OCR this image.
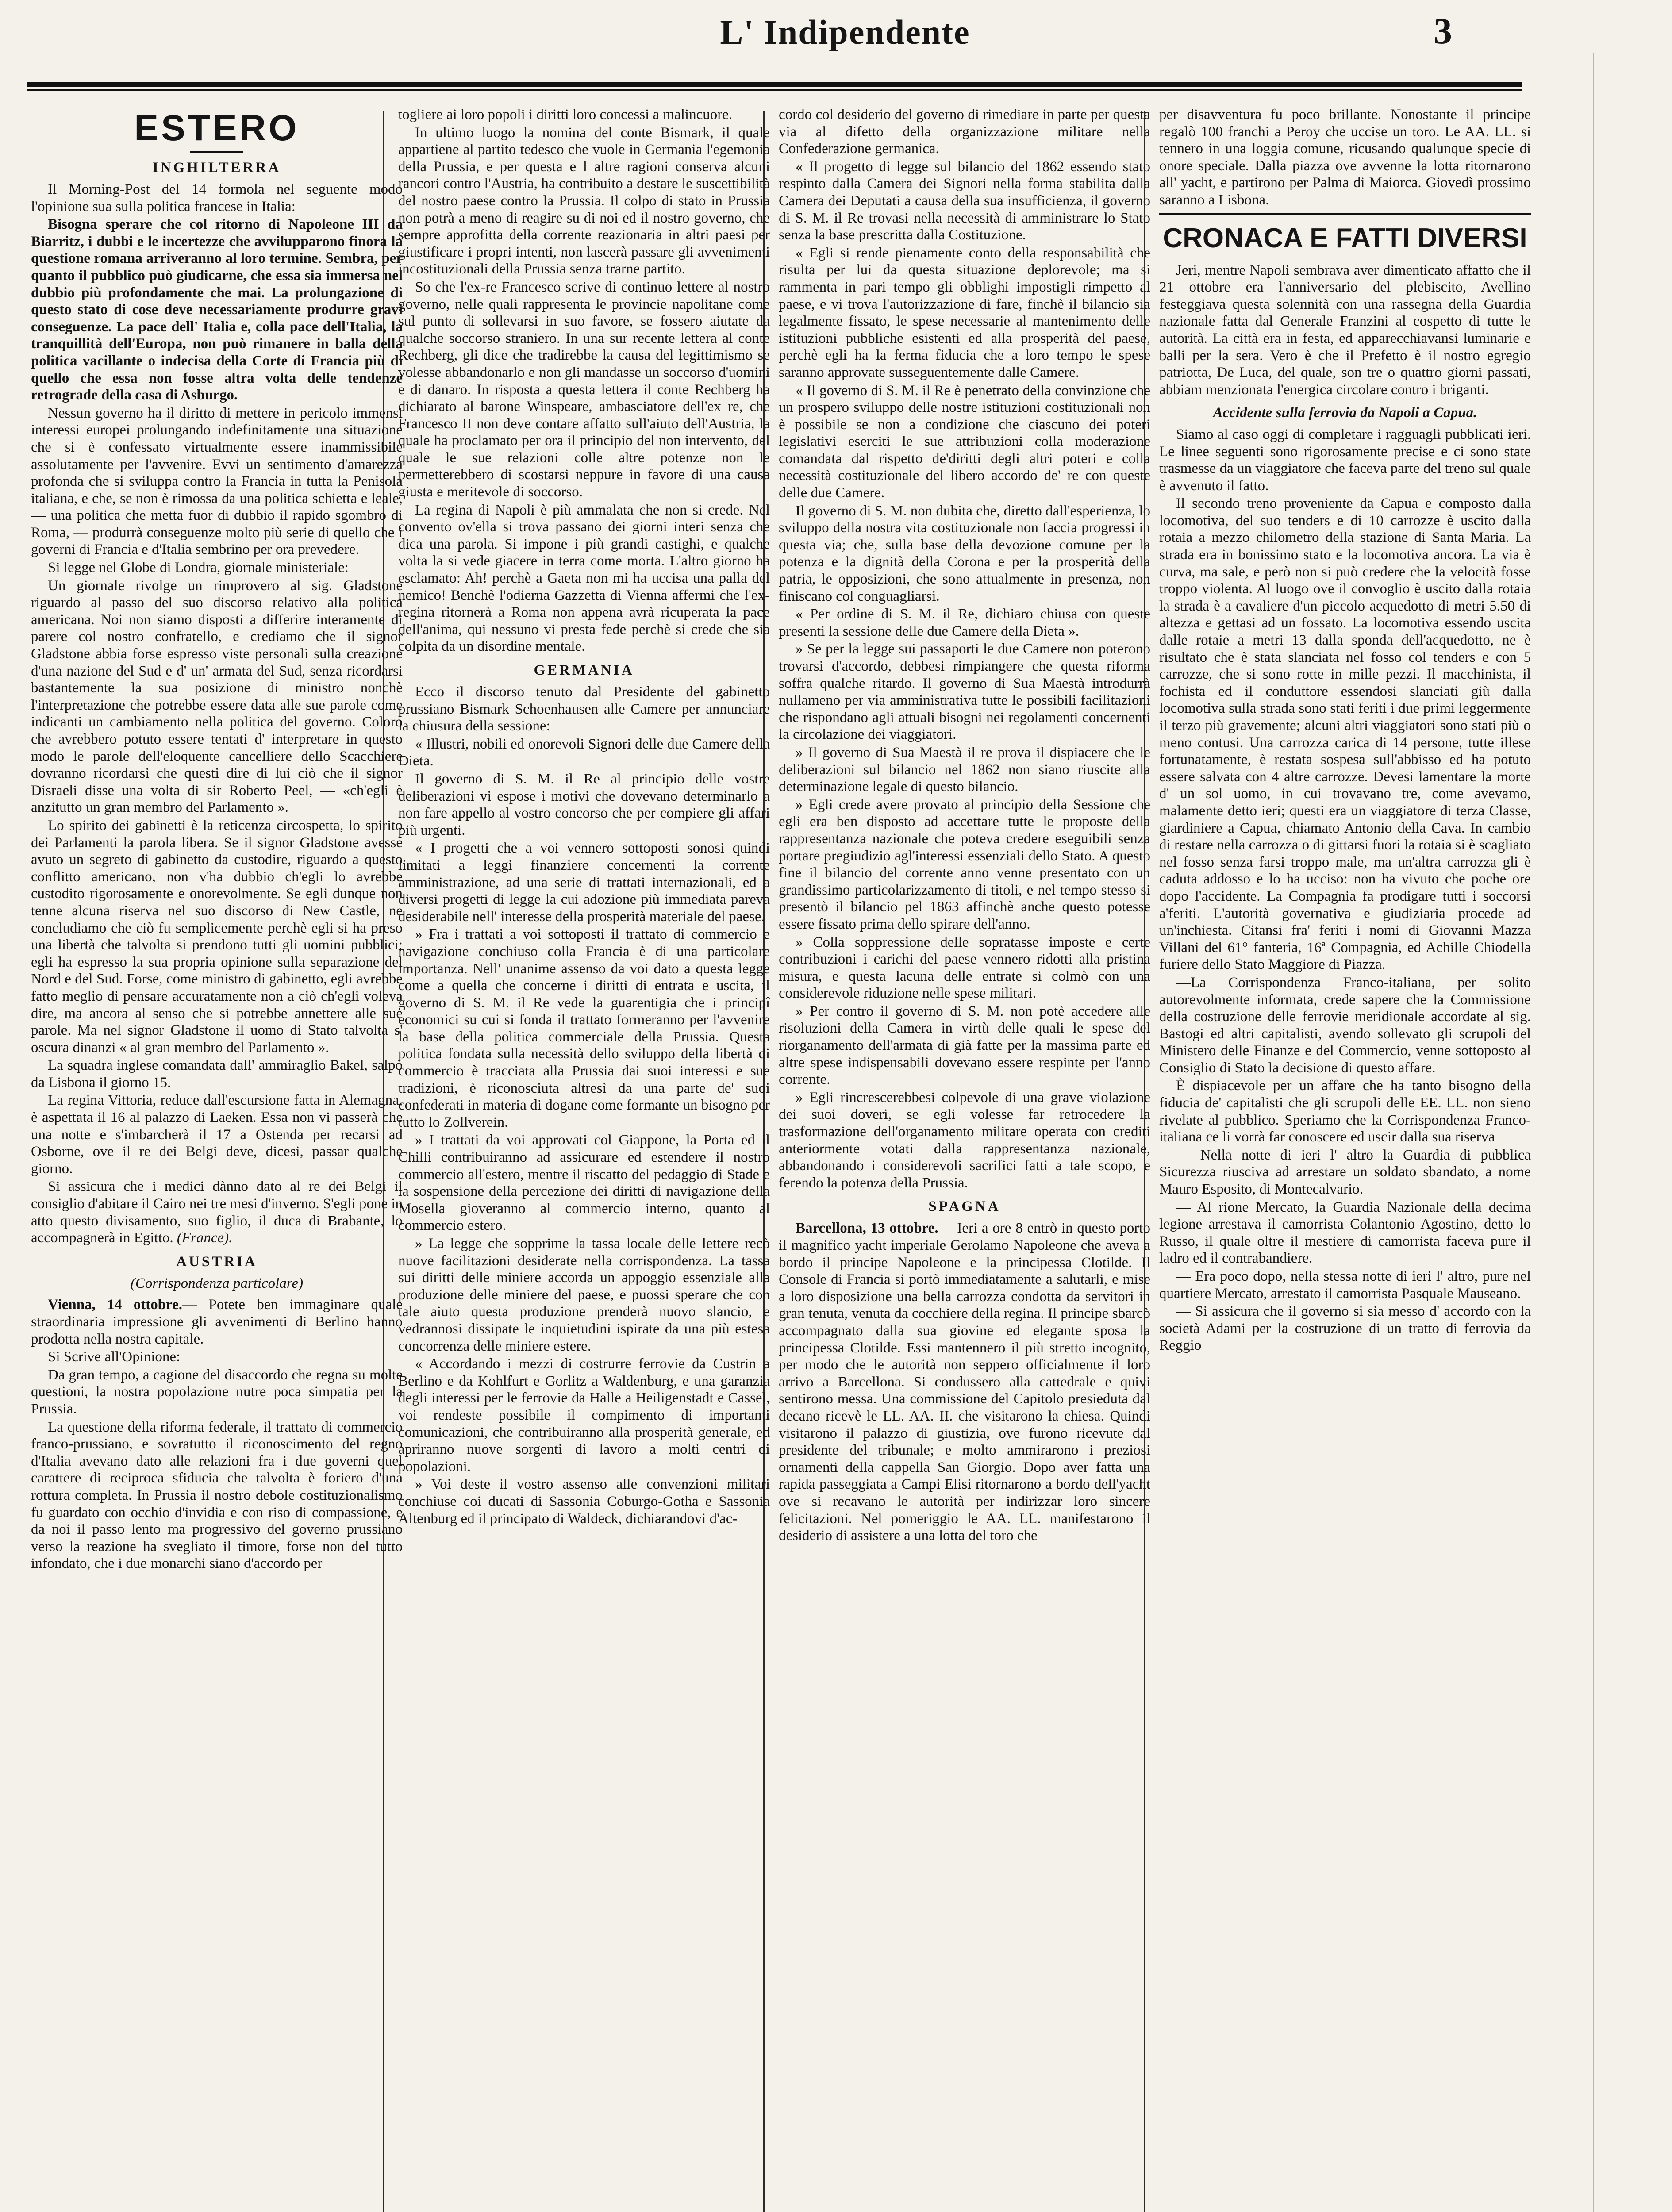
L' Indipendente	3
ESTERO
INGHILTERRA

Il Morning-Post del 14 formola nel seguente modo l'opinione sua sulla politica francese in Italia:

Bisogna sperare che col ritorno di Napoleone III da Biarritz, i dubbi e le incertezze che avvilupparono finora la questione romana arriveranno al loro termine. Sembra, per quanto il pubblico può giudicarne, che essa sia immersa nel dubbio più profondamente che mai. La prolungazione di questo stato di cose deve necessariamente produrre gravi conseguenze. La pace dell' Italia e, colla pace dell'Italia, la tranquillità dell'Europa, non può rimanere in balla della politica vacillante o indecisa della Corte di Francia più di quello che essa non fosse altra volta delle tendenze retrograde della casa di Asburgo.

Nessun governo ha il diritto di mettere in pericolo immensi interessi europei prolungando indefinitamente una situazione che si è confessato virtualmente essere inammissibile assolutamente per l'avvenire. Evvi un sentimento d'amarezza profonda che si sviluppa contro la Francia in tutta la Penisola italiana, e che, se non è rimossa da una politica schietta e leale, — una politica che metta fuor di dubbio il rapido sgombro di Roma, — produrrà conseguenze molto più serie di quello che i governi di Francia e d'Italia sembrino per ora prevedere.

Si legge nel Globe di Londra, giornale ministeriale:

Un giornale rivolge un rimprovero al sig. Gladstone riguardo al passo del suo discorso relativo alla politica americana. Noi non siamo disposti a differire interamente di parere col nostro confratello, e crediamo che il signor Gladstone abbia forse espresso viste personali sulla creazione d'una nazione del Sud e d' un' armata del Sud, senza ricordarsi bastantemente la sua posizione di ministro nonchè l'interpretazione che potrebbe essere data alle sue parole come indicanti un cambiamento nella politica del governo. Coloro che avrebbero potuto essere tentati d' interpretare in questo modo le parole dell'eloquente cancelliere dello Scacchiere dovranno ricordarsi che questi dire di lui ciò che il signor Disraeli disse una volta di sir Roberto Peel, — «ch'egli è anzitutto un gran membro del Parlamento ».

Lo spirito dei gabinetti è la reticenza circospetta, lo spirito dei Parlamenti la parola libera. Se il signor Gladstone avesse avuto un segreto di gabinetto da custodire, riguardo a questo conflitto americano, non v'ha dubbio ch'egli lo avrebbe custodito rigorosamente e onorevolmente. Se egli dunque non tenne alcuna riserva nel suo discorso di New Castle, ne concludiamo che ciò fu semplicemente perchè egli si ha preso una libertà che talvolta si prendono tutti gli uomini pubblici; egli ha espresso la sua propria opinione sulla separazione del Nord e del Sud. Forse, come ministro di gabinetto, egli avrebbe fatto meglio di pensare accuratamente non a ciò ch'egli voleva dire, ma ancora al senso che si potrebbe annettere alle sue parole. Ma nel signor Gladstone il uomo di Stato talvolta s' oscura dinanzi « al gran membro del Parlamento ».

La squadra inglese comandata dall' ammiraglio Bakel, salpò da Lisbona il giorno 15.

La regina Vittoria, reduce dall'escursione fatta in Alemagna, è aspettata il 16 al palazzo di Laeken. Essa non vi passerà che una notte e s'imbarcherà il 17 a Ostenda per recarsi ad Osborne, ove il re dei Belgi deve, dicesi, passar qualche giorno.

Si assicura che i medici dànno dato al re dei Belgi il consiglio d'abitare il Cairo nei tre mesi d'inverno. S'egli pone in atto questo divisamento, suo figlio, il duca di Brabante, lo accompagnerà in Egitto. (France).

AUSTRIA
(Corrispondenza particolare)

Vienna, 14 ottobre.— Potete ben immaginare quale straordinaria impressione gli avvenimenti di Berlino hanno prodotta nella nostra capitale.

Si Scrive all'Opinione:

Da gran tempo, a cagione del disaccordo che regna su molte questioni, la nostra popolazione nutre poca simpatia per la Prussia.

La questione della riforma federale, il trattato di commercio franco-prussiano, e sovratutto il riconoscimento del regno d'Italia avevano dato alle relazioni fra i due governi quel carattere di reciproca sfiducia che talvolta è foriero d'una rottura completa. In Prussia il nostro debole costituzionalismo fu guardato con occhio d'invidia e con riso di compassione, e da noi il passo lento ma progressivo del governo prussiano verso la reazione ha svegliato il timore, forse non del tutto infondato, che i due monarchi siano d'accordo per

togliere ai loro popoli i diritti loro concessi a malincuore.

In ultimo luogo la nomina del conte Bismark, il quale appartiene al partito tedesco che vuole in Germania l'egemonia della Prussia, e per questa e l altre ragioni conserva alcuni rancori contro l'Austria, ha contribuito a destare le suscettibilità del nostro paese contro la Prussia. Il colpo di stato in Prussia non potrà a meno di reagire su di noi ed il nostro governo, che sempre approfitta della corrente reazionaria in altri paesi per giustificare i propri intenti, non lascerà passare gli avvenimenti incostituzionali della Prussia senza trarne partito.

So che l'ex-re Francesco scrive di continuo lettere al nostro governo, nelle quali rappresenta le provincie napolitane come sul punto di sollevarsi in suo favore, se fossero aiutate da qualche soccorso straniero. In una sur recente lettera al conte Rechberg, gli dice che tradirebbe la causa del legittimismo se volesse abbandonarlo e non gli mandasse un soccorso d'uomini e di danaro. In risposta a questa lettera il conte Rechberg ha dichiarato al barone Winspeare, ambasciatore dell'ex re, che Francesco II non deve contare affatto sull'aiuto dell'Austria, la quale ha proclamato per ora il principio del non intervento, del quale le sue relazioni colle altre potenze non le permetterebbero di scostarsi neppure in favore di una causa giusta e meritevole di soccorso.

La regina di Napoli è più ammalata che non si crede. Nel convento ov'ella si trova passano dei giorni interi senza che dica una parola. Si impone i più grandi castighi, e qualche volta la si vede giacere in terra come morta. L'altro giorno ha esclamato: Ah! perchè a Gaeta non mi ha uccisa una palla del nemico! Benchè l'odierna Gazzetta di Vienna affermi che l'ex-regina ritornerà a Roma non appena avrà ricuperata la pace dell'anima, qui nessuno vi presta fede perchè si crede che sia colpita da un disordine mentale.

GERMANIA

Ecco il discorso tenuto dal Presidente del gabinetto prussiano Bismark Schoenhausen alle Camere per annunciare la chiusura della sessione:

« Illustri, nobili ed onorevoli Signori delle due Camere della Dieta.

Il governo di S. M. il Re al principio delle vostre deliberazioni vi espose i motivi che dovevano determinarlo a non fare appello al vostro concorso che per compiere gli affari più urgenti.

« I progetti che a voi vennero sottoposti sonosi quindi limitati a leggi finanziere concernenti la corrente amministrazione, ad una serie di trattati internazionali, ed a diversi progetti di legge la cui adozione più immediata pareva desiderabile nell' interesse della prosperità materiale del paese.

» Fra i trattati a voi sottoposti il trattato di commercio e navigazione conchiuso colla Francia è di una particolare importanza. Nell' unanime assenso da voi dato a questa legge come a quella che concerne i diritti di entrata e uscita, il governo di S. M. il Re vede la guarentigia che i principî economici su cui si fonda il trattato formeranno per l'avvenire la base della politica commerciale della Prussia. Questa politica fondata sulla necessità dello sviluppo della libertà di commercio è tracciata alla Prussia dai suoi interessi e sue tradizioni, è riconosciuta altresì da una parte de' suoi confederati in materia di dogane come formante un bisogno per tutto lo Zollverein.

» I trattati da voi approvati col Giappone, la Porta ed il Chilli contribuiranno ad assicurare ed estendere il nostro commercio all'estero, mentre il riscatto del pedaggio di Stade e la sospensione della percezione dei diritti di navigazione della Mosella gioveranno al commercio interno, quanto al commercio estero.

» La legge che sopprime la tassa locale delle lettere recò nuove facilitazioni desiderate nella corrispondenza. La tassa sui diritti delle miniere accorda un appoggio essenziale alla produzione delle miniere del paese, e puossi sperare che con tale aiuto questa produzione prenderà nuovo slancio, e vedrannosi dissipate le inquietudini ispirate da una più estesa concorrenza delle miniere estere.

« Accordando i mezzi di costrurre ferrovie da Custrin a Berlino e da Kohlfurt e Gorlitz a Waldenburg, e una garanzia degli interessi per le ferrovie da Halle a Heiligenstadt e Cassel, voi rendeste possibile il compimento di importanti comunicazioni, che contribuiranno alla prosperità generale, ed apriranno nuove sorgenti di lavoro a molti centri di popolazioni.

» Voi deste il vostro assenso alle convenzioni militari conchiuse coi ducati di Sassonia Coburgo-Gotha e Sassonia Altenburg ed il principato di Waldeck, dichiarandovi d'ac-

cordo col desiderio del governo di rimediare in parte per questa via al difetto della organizzazione militare nella Confederazione germanica.

« Il progetto di legge sul bilancio del 1862 essendo stato respinto dalla Camera dei Signori nella forma stabilita dalla Camera dei Deputati a causa della sua insufficienza, il governo di S. M. il Re trovasi nella necessità di amministrare lo Stato senza la base prescritta dalla Costituzione.

« Egli si rende pienamente conto della responsabilità che risulta per lui da questa situazione deplorevole; ma si rammenta in pari tempo gli obblighi impostigli rimpetto al paese, e vi trova l'autorizzazione di fare, finchè il bilancio sia legalmente fissato, le spese necessarie al mantenimento delle istituzioni pubbliche esistenti ed alla prosperità del paese, perchè egli ha la ferma fiducia che a loro tempo le spese saranno approvate susseguentemente dalle Camere.

« Il governo di S. M. il Re è penetrato della convinzione che un prospero sviluppo delle nostre istituzioni costituzionali non è possibile se non a condizione che ciascuno dei poteri legislativi eserciti le sue attribuzioni colla moderazione comandata dal rispetto de'diritti degli altri poteri e colla necessità costituzionale del libero accordo de' re con queste delle due Camere.

Il governo di S. M. non dubita che, diretto dall'esperienza, lo sviluppo della nostra vita costituzionale non faccia progressi in questa via; che, sulla base della devozione comune per la potenza e la dignità della Corona e per la prosperità della patria, le opposizioni, che sono attualmente in presenza, non finiscano col conguagliarsi.

« Per ordine di S. M. il Re, dichiaro chiusa con queste presenti la sessione delle due Camere della Dieta ».

» Se per la legge sui passaporti le due Camere non poterono trovarsi d'accordo, debbesi rimpiangere che questa riforma soffra qualche ritardo. Il governo di Sua Maestà introdurrà nullameno per via amministrativa tutte le possibili facilitazioni che rispondano agli attuali bisogni nei regolamenti concernenti la circolazione dei viaggiatori.

» Il governo di Sua Maestà il re prova il dispiacere che le deliberazioni sul bilancio nel 1862 non siano riuscite alla determinazione legale di questo bilancio.

» Egli crede avere provato al principio della Sessione che egli era ben disposto ad accettare tutte le proposte della rappresentanza nazionale che poteva credere eseguibili senza portare pregiudizio agl'interessi essenziali dello Stato. A questo fine il bilancio del corrente anno venne presentato con un grandissimo particolarizzamento di titoli, e nel tempo stesso si presentò il bilancio pel 1863 affinchè anche questo potesse essere fissato prima dello spirare dell'anno.

» Colla soppressione delle sopratasse imposte e certe contribuzioni i carichi del paese vennero ridotti alla pristina misura, e questa lacuna delle entrate si colmò con una considerevole riduzione nelle spese militari.

» Per contro il governo di S. M. non potè accedere alle risoluzioni della Camera in virtù delle quali le spese del riorganamento dell'armata di già fatte per la massima parte ed altre spese indispensabili dovevano essere respinte per l'anno corrente.

» Egli rincrescerebbesi colpevole di una grave violazione dei suoi doveri, se egli volesse far retrocedere la trasformazione dell'organamento militare operata con crediti anteriormente votati dalla rappresentanza nazionale, abbandonando i considerevoli sacrifici fatti a tale scopo, e ferendo la potenza della Prussia.

SPAGNA

Barcellona, 13 ottobre.— Ieri a ore 8 entrò in questo porto il magnifico yacht imperiale Gerolamo Napoleone che aveva a bordo il principe Napoleone e la principessa Clotilde. Il Console di Francia si portò immediatamente a salutarli, e mise a loro disposizione una bella carrozza condotta da servitori in gran tenuta, venuta da cocchiere della regina. Il principe sbarcò accompagnato dalla sua giovine ed elegante sposa la principessa Clotilde. Essi mantennero il più stretto incognito, per modo che le autorità non seppero officialmente il loro arrivo a Barcellona. Si condussero alla cattedrale e quivi sentirono messa. Una commissione del Capitolo presieduta dal decano ricevè le LL. AA. II. che visitarono la chiesa. Quindi visitarono il palazzo di giustizia, ove furono ricevute dal presidente del tribunale; e molto ammirarono i preziosi ornamenti della cappella San Giorgio. Dopo aver fatta una rapida passeggiata a Campi Elisi ritornarono a bordo dell'yacht ove si recavano le autorità per indirizzar loro sincere felicitazioni. Nel pomeriggio le AA. LL. manifestarono il desiderio di assistere a una lotta del toro che

per disavventura fu poco brillante. Nonostante il principe regalò 100 franchi a Peroy che uccise un toro. Le AA. LL. si tennero in una loggia comune, ricusando qualunque specie di onore speciale. Dalla piazza ove avvenne la lotta ritornarono all' yacht, e partirono per Palma di Maiorca. Giovedì prossimo saranno a Lisbona.

CRONACA E FATTI DIVERSI

Jeri, mentre Napoli sembrava aver dimenticato affatto che il 21 ottobre era l'anniversario del plebiscito, Avellino festeggiava questa solennità con una rassegna della Guardia nazionale fatta dal Generale Franzini al cospetto di tutte le autorità. La città era in festa, ed apparecchiavansi luminarie e balli per la sera. Vero è che il Prefetto è il nostro egregio patriotta, De Luca, del quale, son tre o quattro giorni passati, abbiam menzionata l'energica circolare contro i briganti.

Accidente sulla ferrovia da Napoli a Capua.

Siamo al caso oggi di completare i ragguagli pubblicati ieri. Le linee seguenti sono rigorosamente precise e ci sono state trasmesse da un viaggiatore che faceva parte del treno sul quale è avvenuto il fatto.

Il secondo treno proveniente da Capua e composto dalla locomotiva, del suo tenders e di 10 carrozze è uscito dalla rotaia a mezzo chilometro della stazione di Santa Maria. La strada era in bonissimo stato e la locomotiva ancora. La via è curva, ma sale, e però non si può credere che la velocità fosse troppo violenta. Al luogo ove il convoglio è uscito dalla rotaia la strada è a cavaliere d'un piccolo acquedotto di metri 5.50 di altezza e gettasi ad un fossato. La locomotiva essendo uscita dalle rotaie a metri 13 dalla sponda dell'acquedotto, ne è risultato che è stata slanciata nel fosso col tenders e con 5 carrozze, che si sono rotte in mille pezzi. Il macchinista, il fochista ed il conduttore essendosi slanciati giù dalla locomotiva sulla strada sono stati feriti i due primi leggermente il terzo più gravemente; alcuni altri viaggiatori sono stati più o meno contusi. Una carrozza carica di 14 persone, tutte illese fortunatamente, è restata sospesa sull'abbisso ed ha potuto essere salvata con 4 altre carrozze. Devesi lamentare la morte d' un sol uomo, in cui trovavano tre, come avevamo, malamente detto ieri; questi era un viaggiatore di terza Classe, giardiniere a Capua, chiamato Antonio della Cava. In cambio di restare nella carrozza o di gittarsi fuori la rotaia si è scagliato nel fosso senza farsi troppo male, ma un'altra carrozza gli è caduta addosso e lo ha ucciso: non ha vivuto che poche ore dopo l'accidente. La Compagnia fa prodigare tutti i soccorsi a'feriti. L'autorità governativa e giudiziaria procede ad un'inchiesta. Citansi fra' feriti i nomi di Giovanni Mazza Villani del 61° fanteria, 16ª Compagnia, ed Achille Chiodella furiere dello Stato Maggiore di Piazza.

—La Corrispondenza Franco-italiana, per solito autorevolmente informata, crede sapere che la Commissione della costruzione delle ferrovie meridionale accordate al sig. Bastogi ed altri capitalisti, avendo sollevato gli scrupoli del Ministero delle Finanze e del Commercio, venne sottoposto al Consiglio di Stato la decisione di questo affare.

È dispiacevole per un affare che ha tanto bisogno della fiducia de' capitalisti che gli scrupoli delle EE. LL. non sieno rivelate al pubblico. Speriamo che la Corrispondenza Franco-italiana ce li vorrà far conoscere ed uscir dalla sua riserva

— Nella notte di ieri l' altro la Guardia di pubblica Sicurezza riusciva ad arrestare un soldato sbandato, a nome Mauro Esposito, di Montecalvario.

— Al rione Mercato, la Guardia Nazionale della decima legione arrestava il camorrista Colantonio Agostino, detto lo Russo, il quale oltre il mestiere di camorrista faceva pure il ladro ed il contrabandiere.

— Era poco dopo, nella stessa notte di ieri l' altro, pure nel quartiere Mercato, arrestato il camorrista Pasquale Mauseano.

— Si assicura che il governo si sia messo d' accordo con la società Adami per la costruzione di un tratto di ferrovia da Reggio
